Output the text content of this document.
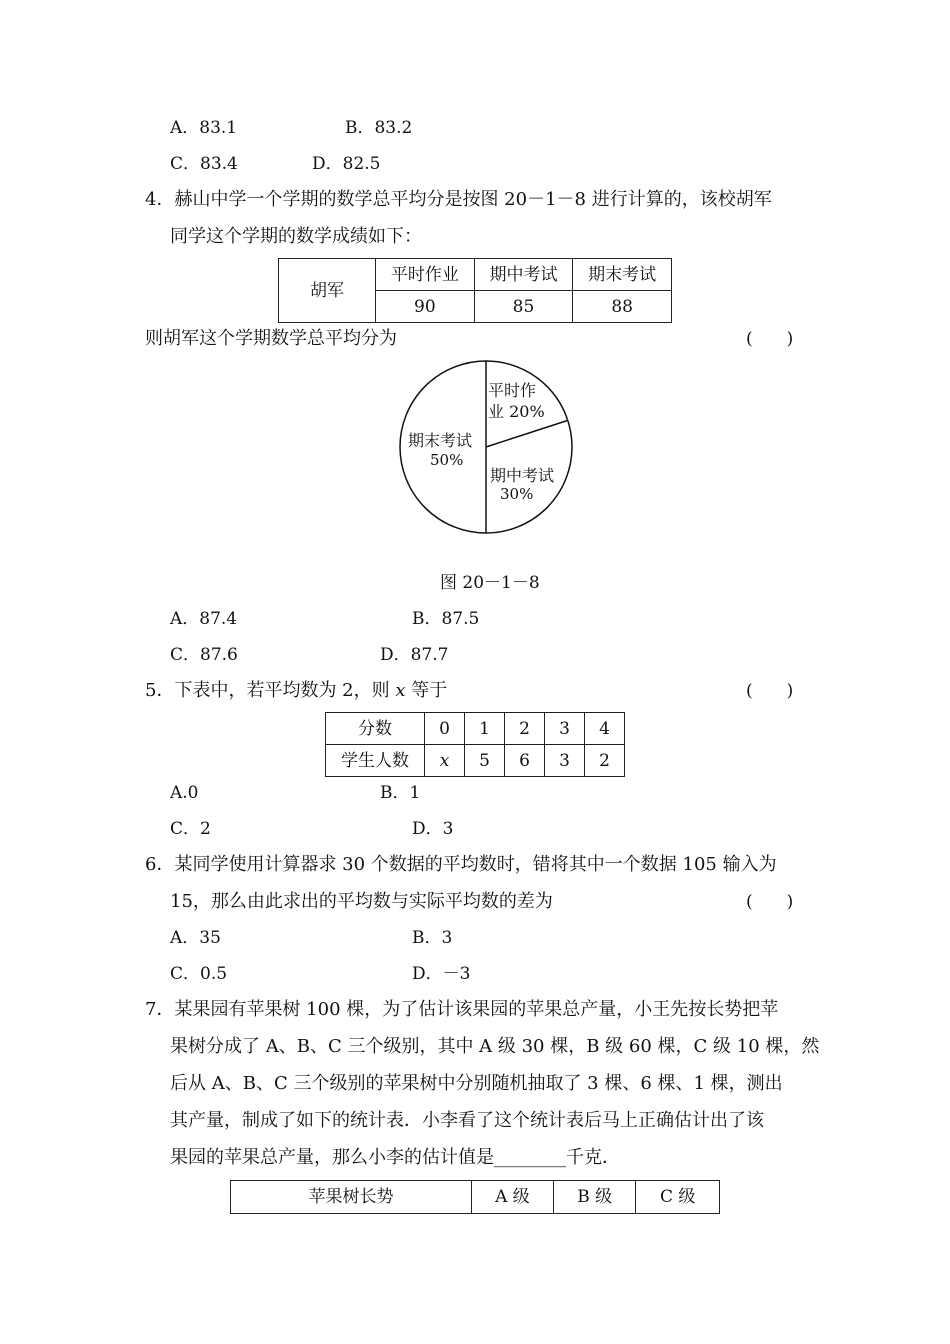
A．83.1	B．83.2
C．83.4	D．82.5
4．赫山中学一个学期的数学总平均分是按图 20－1－8 进行计算的，该校胡军
同学这个学期的数学成绩如下：
胡军	平时作业	期中考试	期末考试
	90	85	88
则胡军这个学期数学总平均分为	(　　)
平时作
业 20%
期中考试
30%
期末考试
50%
图 20－1－8
A．87.4	B．87.5
C．87.6	D．87.7
5．下表中，若平均数为 2，则 x 等于	(　　)
分数	0	1	2	3	4
学生人数	x	5	6	3	2
A.0	B．1
C．2	D．3
6．某同学使用计算器求 30 个数据的平均数时，错将其中一个数据 105 输入为
15，那么由此求出的平均数与实际平均数的差为	(　　)
A．35	B．3
C．0.5	D．－3
7．某果园有苹果树 100 棵，为了估计该果园的苹果总产量，小王先按长势把苹
果树分成了 A、B、C 三个级别，其中 A 级 30 棵，B 级 60 棵，C 级 10 棵，然
后从 A、B、C 三个级别的苹果树中分别随机抽取了 3 棵、6 棵、1 棵，测出
其产量，制成了如下的统计表．小李看了这个统计表后马上正确估计出了该
果园的苹果总产量，那么小李的估计值是________千克．
苹果树长势	A 级	B 级	C 级
